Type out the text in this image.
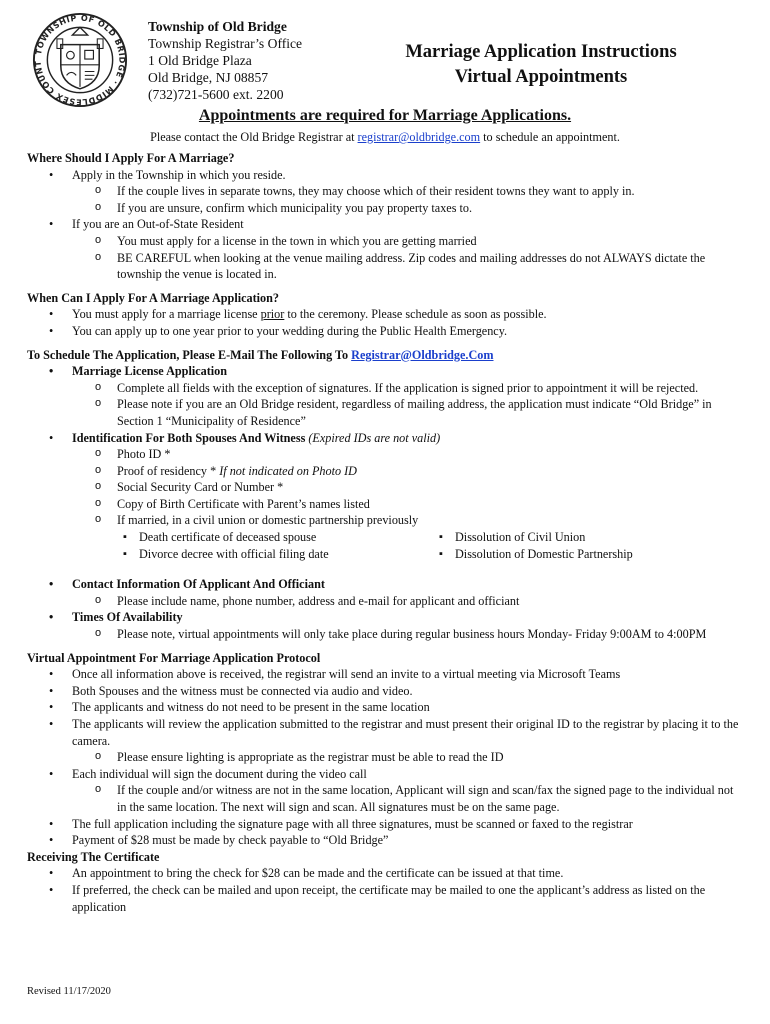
TOWNSHIP OF OLD BRIDGE · MIDDLESEX COUNT
Township of Old Bridge
Township Registrar’s Office
1 Old Bridge Plaza
Old Bridge, NJ 08857
(732)721-5600 ext. 2200
Marriage Application Instructions
Virtual Appointments
Appointments are required for Marriage Applications.
Please contact the Old Bridge Registrar at registrar@oldbridge.com to schedule an appointment.
Where Should I Apply For A Marriage?
• Apply in the Township in which you reside.
o If the couple lives in separate towns, they may choose which of their resident towns they want to apply in.
o If you are unsure, confirm which municipality you pay property taxes to.
• If you are an Out-of-State Resident
o You must apply for a license in the town in which you are getting married
o BE CAREFUL when looking at the venue mailing address. Zip codes and mailing addresses do not ALWAYS dictate the township the venue is located in.
When Can I Apply For A Marriage Application?
• You must apply for a marriage license prior to the ceremony. Please schedule as soon as possible.
• You can apply up to one year prior to your wedding during the Public Health Emergency.
To Schedule The Application, Please E-Mail The Following To Registrar@Oldbridge.Com
• Marriage License Application
o Complete all fields with the exception of signatures. If the application is signed prior to appointment it will be rejected.
o Please note if you are an Old Bridge resident, regardless of mailing address, the application must indicate “Old Bridge” in Section 1 “Municipality of Residence”
• Identification For Both Spouses And Witness (Expired IDs are not valid)
o Photo ID *
o Proof of residency * If not indicated on Photo ID
o Social Security Card or Number *
o Copy of Birth Certificate with Parent’s names listed
o If married, in a civil union or domestic partnership previously
▪ Death certificate of deceased spouse	▪ Dissolution of Civil Union
▪ Divorce decree with official filing date	▪ Dissolution of Domestic Partnership
• Contact Information Of Applicant And Officiant
o Please include name, phone number, address and e-mail for applicant and officiant
• Times Of Availability
o Please note, virtual appointments will only take place during regular business hours Monday- Friday 9:00AM to 4:00PM
Virtual Appointment For Marriage Application Protocol
• Once all information above is received, the registrar will send an invite to a virtual meeting via Microsoft Teams
• Both Spouses and the witness must be connected via audio and video.
• The applicants and witness do not need to be present in the same location
• The applicants will review the application submitted to the registrar and must present their original ID to the registrar by placing it to the camera.
o Please ensure lighting is appropriate as the registrar must be able to read the ID
• Each individual will sign the document during the video call
o If the couple and/or witness are not in the same location, Applicant will sign and scan/fax the signed page to the individual not in the same location. The next will sign and scan. All signatures must be on the same page.
• The full application including the signature page with all three signatures, must be scanned or faxed to the registrar
• Payment of $28 must be made by check payable to “Old Bridge”
Receiving The Certificate
• An appointment to bring the check for $28 can be made and the certificate can be issued at that time.
• If preferred, the check can be mailed and upon receipt, the certificate may be mailed to one the applicant’s address as listed on the application
Revised 11/17/2020
